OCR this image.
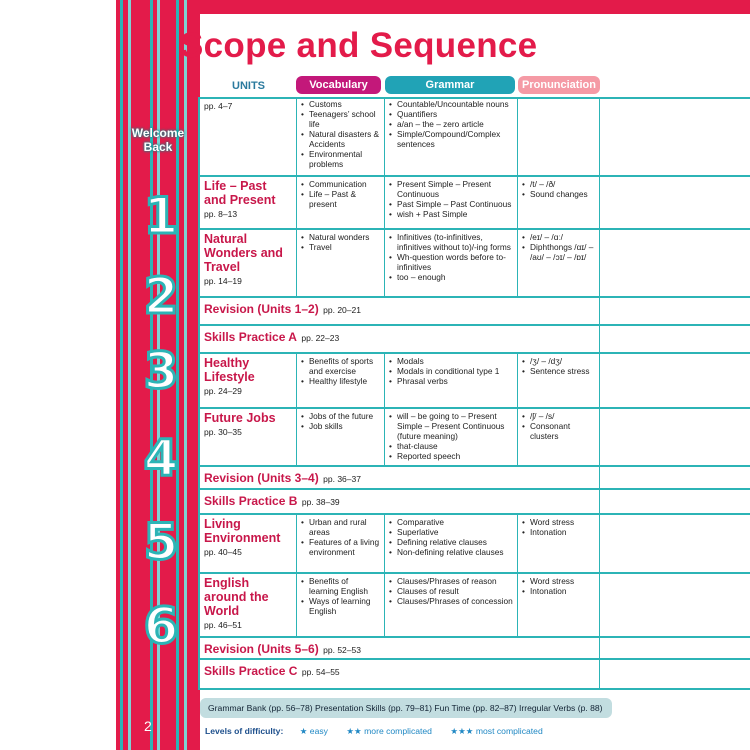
Scope and Sequence
UNITS	Vocabulary	Grammar	Pronunciation
Welcome Back
1
2
3
4
5
6
pp. 4–7
•	Customs
• Teenagers’ school life
• Natural disasters & Accidents
• Environmental problems
• Countable/Uncountable nouns
• Quantifiers
• a/an – the – zero article
• Simple/Compound/Complex sentences
Life – Past and Present
pp. 8–13
• Communication
• Life – Past & present
• Present Simple – Present Continuous
• Past Simple – Past Continuous
• wish + Past Simple
• /t/ – /ð/
• Sound changes
Natural Wonders and Travel
pp. 14–19
• Natural wonders
• Travel
• Infinitives (to-infinitives, infinitives without to)/-ing forms
• Wh-question words before to-infinitives
• too – enough
• /eɪ/ – /ɑː/
• Diphthongs /ɑɪ/ – /aʊ/ – /ɔɪ/ – /ɒɪ/
Revision (Units 1–2) pp. 20–21
Skills Practice A pp. 22–23
Healthy Lifestyle
pp. 24–29
• Benefits of sports and exercise
• Healthy lifestyle
• Modals
• Modals in conditional type 1
• Phrasal verbs
• /ʒ/ – /dʒ/
• Sentence stress
Future Jobs
pp. 30–35
• Jobs of the future
• Job skills
• will – be going to – Present Simple – Present Continuous (future meaning)
• that-clause
• Reported speech
• /ʃ/ – /s/
• Consonant clusters
Revision (Units 3–4) pp. 36–37
Skills Practice B pp. 38–39
Living Environment
pp. 40–45
• Urban and rural areas
• Features of a living environment
• Comparative
• Superlative
• Defining relative clauses
• Non-defining relative clauses
• Word stress
• Intonation
English around the World
pp. 46–51
• Benefits of learning English
• Ways of learning English
• Clauses/Phrases of reason
• Clauses of result
• Clauses/Phrases of concession
• Word stress
• Intonation
Revision (Units 5–6) pp. 52–53
Skills Practice C pp. 54–55
Grammar Bank (pp. 56–78) Presentation Skills (pp. 79–81) Fun Time (pp. 82–87) Irregular Verbs (p. 88)
Levels of difficulty: ★ easy ★★ more complicated ★★★ most complicated
2
